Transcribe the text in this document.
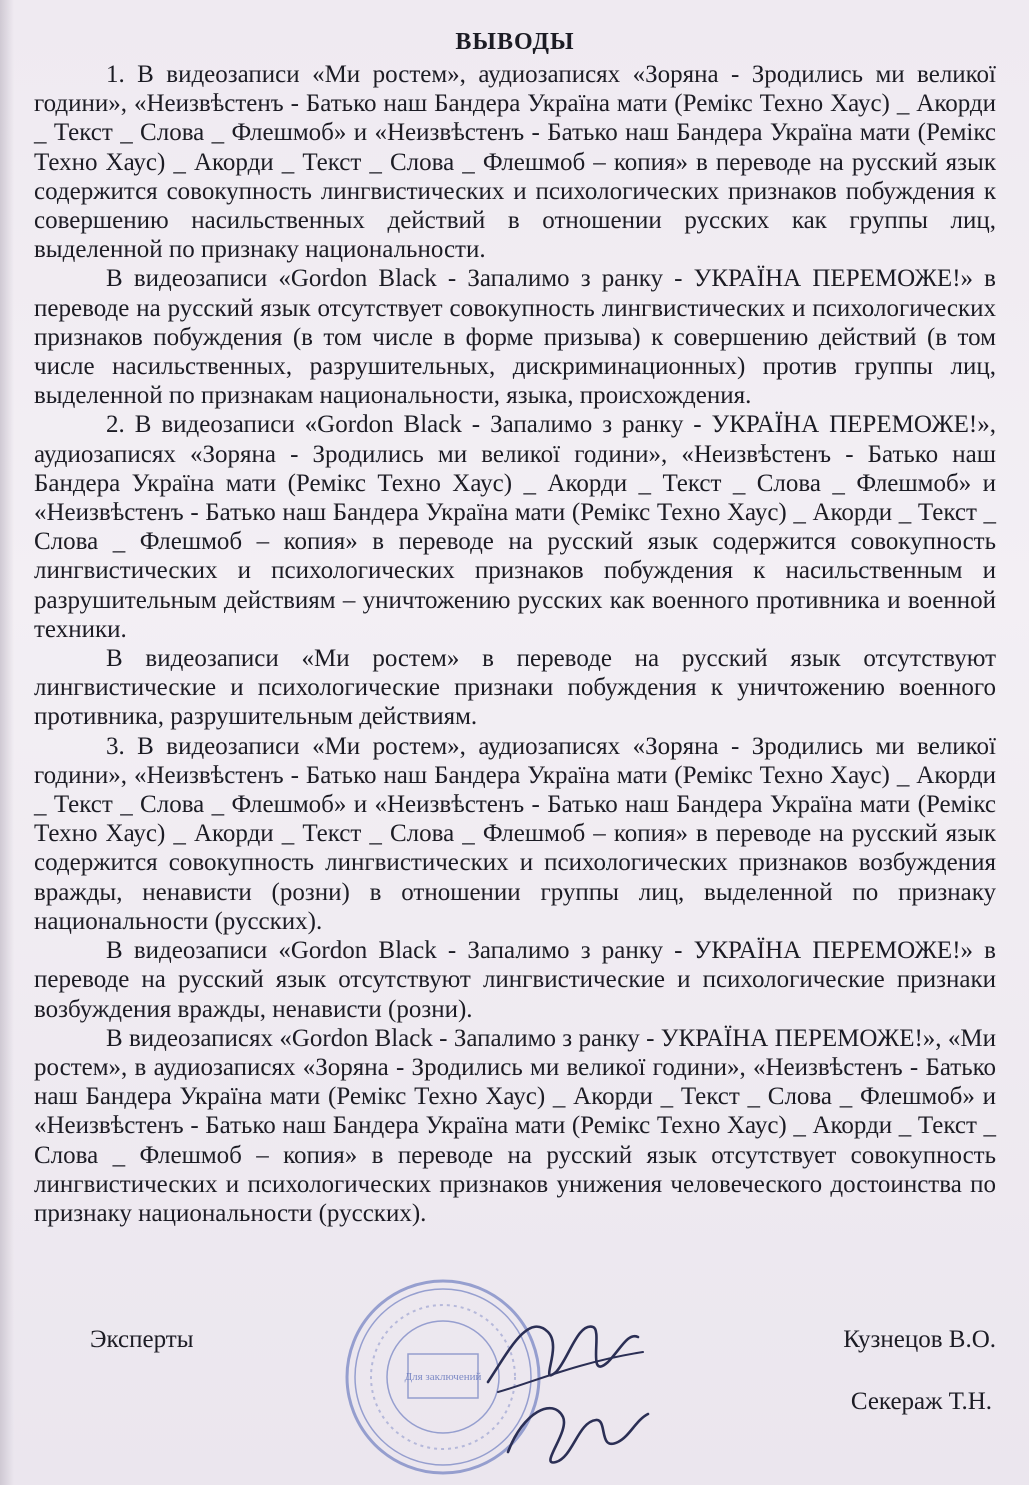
ВЫВОДЫ

1. В видеозаписи «Ми ростем», аудиозаписях «Зоряна - Зродились ми великої години», «Неизвѣстенъ - Батько наш Бандера Україна мати (Ремікс Техно Хаус) _ Акорди _ Текст _ Слова _ Флешмоб» и «Неизвѣстенъ - Батько наш Бандера Україна мати (Ремікс Техно Хаус) _ Акорди _ Текст _ Слова _ Флешмоб – копия» в переводе на русский язык содержится совокупность лингвистических и психологических признаков побуждения к совершению насильственных действий в отношении русских как группы лиц, выделенной по признаку национальности.

В видеозаписи «Gordon Black - Запалимо з ранку - УКРАЇНА ПЕРЕМОЖЕ!» в переводе на русский язык отсутствует совокупность лингвистических и психологических признаков побуждения (в том числе в форме призыва) к совершению действий (в том числе насильственных, разрушительных, дискриминационных) против группы лиц, выделенной по признакам национальности, языка, происхождения.

2. В видеозаписи «Gordon Black - Запалимо з ранку - УКРАЇНА ПЕРЕМОЖЕ!», аудиозаписях «Зоряна - Зродились ми великої години», «Неизвѣстенъ - Батько наш Бандера Україна мати (Ремікс Техно Хаус) _ Акорди _ Текст _ Слова _ Флешмоб» и «Неизвѣстенъ - Батько наш Бандера Україна мати (Ремікс Техно Хаус) _ Акорди _ Текст _ Слова _ Флешмоб – копия» в переводе на русский язык содержится совокупность лингвистических и психологических признаков побуждения к насильственным и разрушительным действиям – уничтожению русских как военного противника и военной техники.

В видеозаписи «Ми ростем» в переводе на русский язык отсутствуют лингвистические и психологические признаки побуждения к уничтожению военного противника, разрушительным действиям.

3. В видеозаписи «Ми ростем», аудиозаписях «Зоряна - Зродились ми великої години», «Неизвѣстенъ - Батько наш Бандера Україна мати (Ремікс Техно Хаус) _ Акорди _ Текст _ Слова _ Флешмоб» и «Неизвѣстенъ - Батько наш Бандера Україна мати (Ремікс Техно Хаус) _ Акорди _ Текст _ Слова _ Флешмоб – копия» в переводе на русский язык содержится совокупность лингвистических и психологических признаков возбуждения вражды, ненависти (розни) в отношении группы лиц, выделенной по признаку национальности (русских).

В видеозаписи «Gordon Black - Запалимо з ранку - УКРАЇНА ПЕРЕМОЖЕ!» в переводе на русский язык отсутствуют лингвистические и психологические признаки возбуждения вражды, ненависти (розни).

В видеозаписях «Gordon Black - Запалимо з ранку - УКРАЇНА ПЕРЕМОЖЕ!», «Ми ростем», в аудиозаписях «Зоряна - Зродились ми великої години», «Неизвѣстенъ - Батько наш Бандера Україна мати (Ремікс Техно Хаус) _ Акорди _ Текст _ Слова _ Флешмоб» и «Неизвѣстенъ - Батько наш Бандера Україна мати (Ремікс Техно Хаус) _ Акорди _ Текст _ Слова _ Флешмоб – копия» в переводе на русский язык отсутствует совокупность лингвистических и психологических признаков унижения человеческого достоинства по признаку национальности (русских).

Для заключений
Эксперты	Кузнецов В.О.
Секераж Т.Н.
